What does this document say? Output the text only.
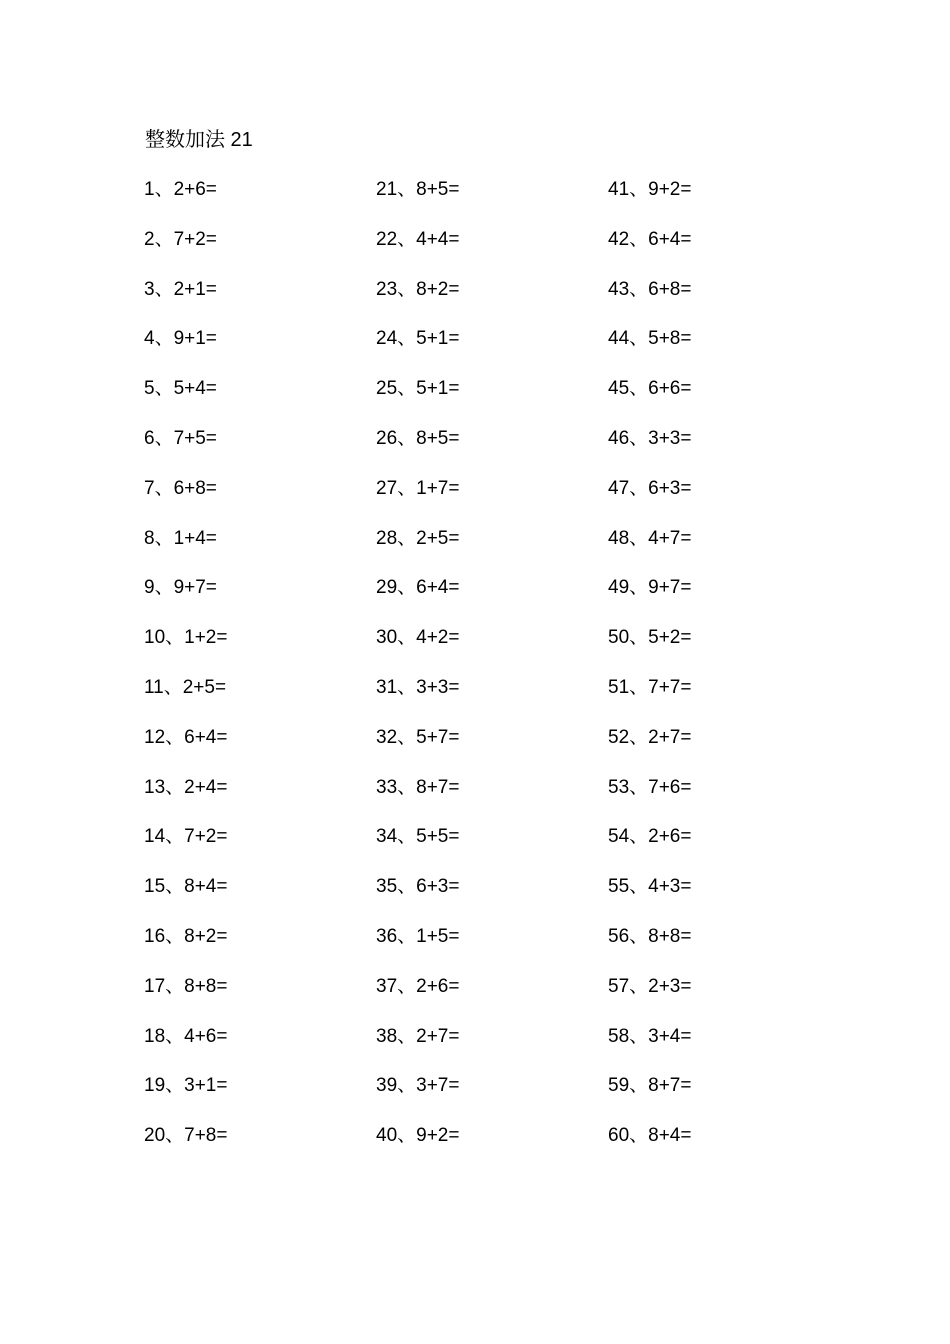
整数加法 21
1、2+6=
2、7+2=
3、2+1=
4、9+1=
5、5+4=
6、7+5=
7、6+8=
8、1+4=
9、9+7=
10、1+2=
11、2+5=
12、6+4=
13、2+4=
14、7+2=
15、8+4=
16、8+2=
17、8+8=
18、4+6=
19、3+1=
20、7+8=
21、8+5=
22、4+4=
23、8+2=
24、5+1=
25、5+1=
26、8+5=
27、1+7=
28、2+5=
29、6+4=
30、4+2=
31、3+3=
32、5+7=
33、8+7=
34、5+5=
35、6+3=
36、1+5=
37、2+6=
38、2+7=
39、3+7=
40、9+2=
41、9+2=
42、6+4=
43、6+8=
44、5+8=
45、6+6=
46、3+3=
47、6+3=
48、4+7=
49、9+7=
50、5+2=
51、7+7=
52、2+7=
53、7+6=
54、2+6=
55、4+3=
56、8+8=
57、2+3=
58、3+4=
59、8+7=
60、8+4=
